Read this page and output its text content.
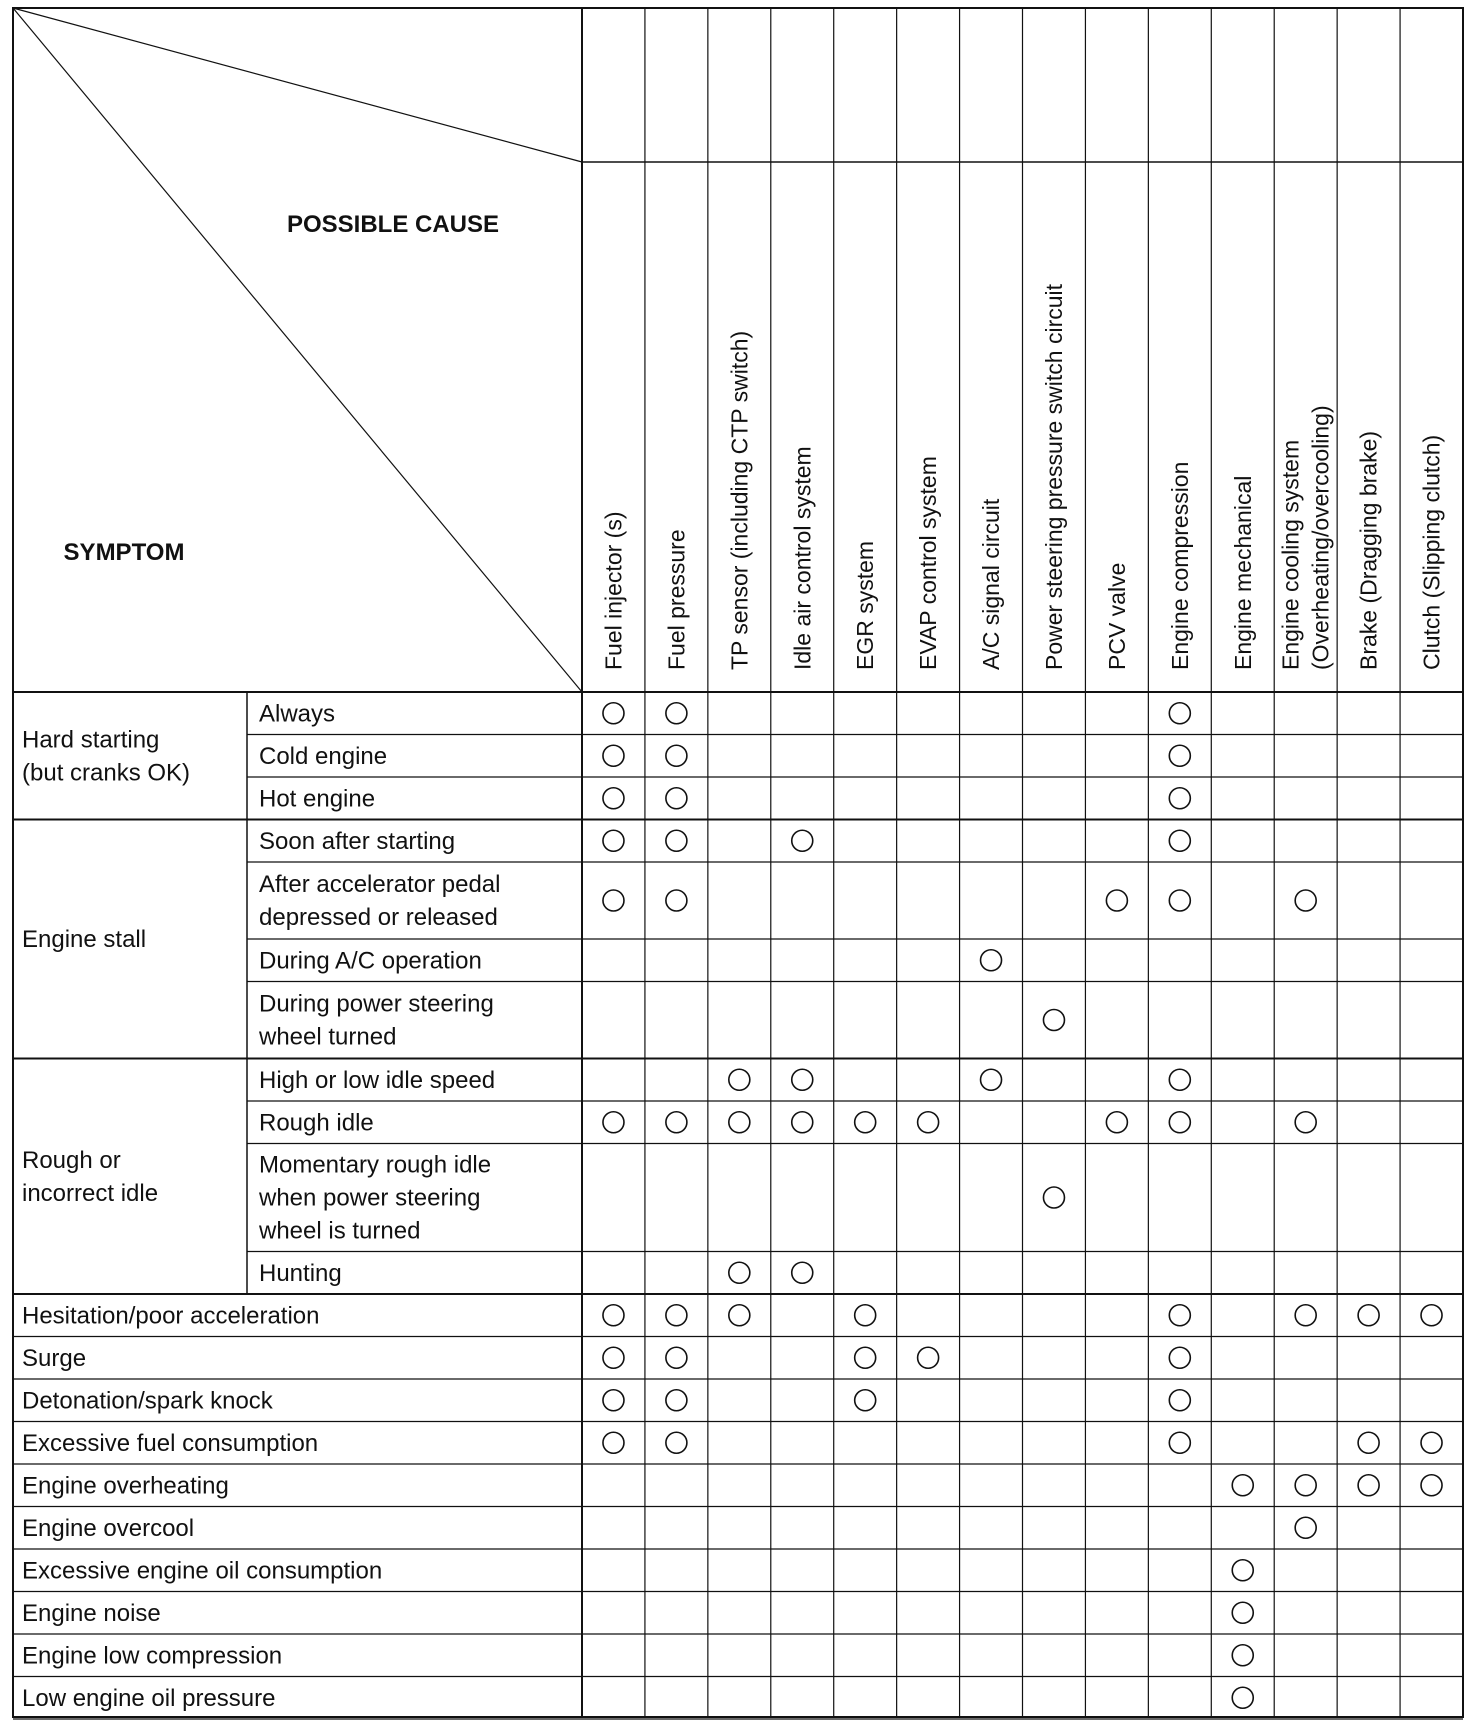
POSSIBLE CAUSE
SYMPTOM	Fuel injector (s) Fuel pressure TP sensor (including CTP switch) Idle air control system EGR system EVAP control system A/C signal circuit Power steering pressure switch circuit PCV valve Engine compression Engine mechanical Engine cooling system (Overheating/overcooling) Brake (Dragging brake) Clutch (Slipping clutch)
Always
Cold engine
Hot engine
Hard starting
(but cranks OK)
Soon after starting
After accelerator pedal
depressed or released
During A/C operation
During power steering
wheel turned
Engine stall
High or low idle speed
Rough idle
Momentary rough idle
when power steering
wheel is turned
Hunting
Rough or
incorrect idle
Hesitation/poor acceleration
Surge
Detonation/spark knock
Excessive fuel consumption
Engine overheating
Engine overcool
Excessive engine oil consumption
Engine noise
Engine low compression
Low engine oil pressure
